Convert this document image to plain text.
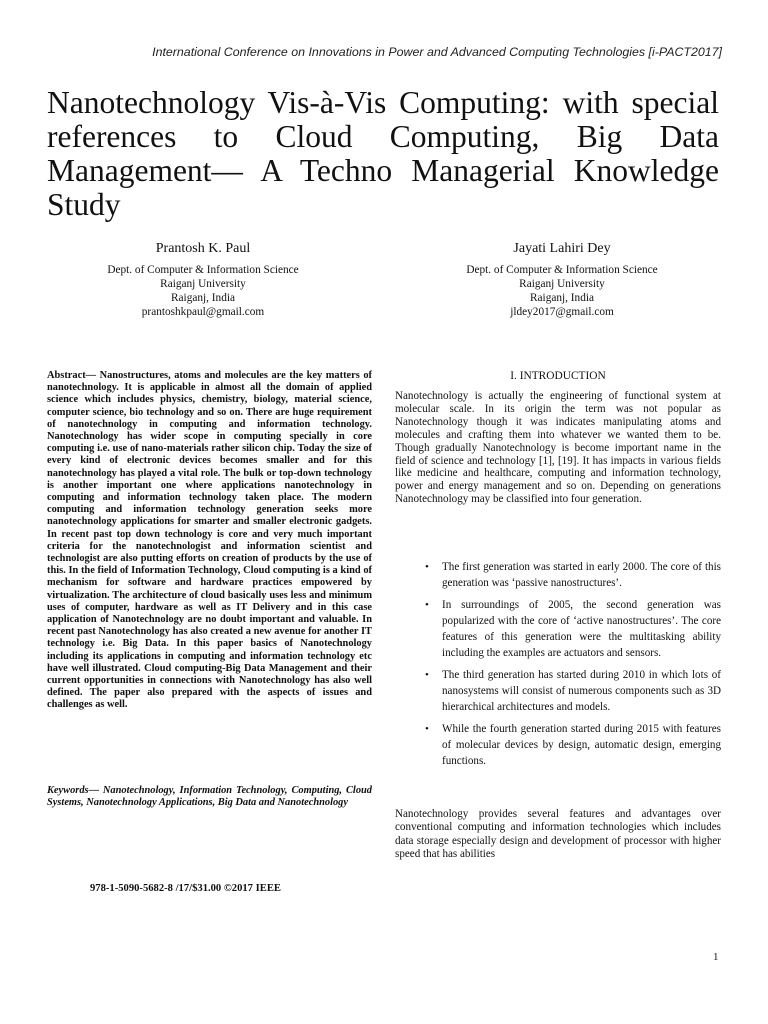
International Conference on Innovations in Power and Advanced Computing Technologies [i-PACT2017]
Nanotechnology Vis-à-Vis Computing: with special references to Cloud Computing, Big Data Management— A Techno Managerial Knowledge Study
Prantosh K. Paul
Dept. of Computer & Information Science
Raiganj University
Raiganj, India
prantoshkpaul@gmail.com
Jayati Lahiri Dey
Dept. of Computer & Information Science
Raiganj University
Raiganj, India
jldey2017@gmail.com

Abstract— Nanostructures, atoms and molecules are the key matters of nanotechnology. It is applicable in almost all the domain of applied science which includes physics, chemistry, biology, material science, computer science, bio technology and so on. There are huge requirement of nanotechnology in computing and information technology. Nanotechnology has wider scope in computing specially in core computing i.e. use of nano-materials rather silicon chip. Today the size of every kind of electronic devices becomes smaller and for this nanotechnology has played a vital role. The bulk or top-down technology is another important one where applications nanotechnology in computing and information technology taken place. The modern computing and information technology generation seeks more nanotechnology applications for smarter and smaller electronic gadgets. In recent past top down technology is core and very much important criteria for the nanotechnologist and information scientist and technologist are also putting efforts on creation of products by the use of this. In the field of Information Technology, Cloud computing is a kind of mechanism for software and hardware practices empowered by virtualization. The architecture of cloud basically uses less and minimum uses of computer, hardware as well as IT Delivery and in this case application of Nanotechnology are no doubt important and valuable. In recent past Nanotechnology has also created a new avenue for another IT technology i.e. Big Data. In this paper basics of Nanotechnology including its applications in computing and information technology etc have well illustrated. Cloud computing-Big Data Management and their current opportunities in connections with Nanotechnology has also well defined. The paper also prepared with the aspects of issues and challenges as well.

Keywords— Nanotechnology, Information Technology, Computing, Cloud Systems, Nanotechnology Applications, Big Data and Nanotechnology

978-1-5090-5682-8 /17/$31.00 ©2017 IEEE
I. INTRODUCTION

Nanotechnology is actually the engineering of functional system at molecular scale. In its origin the term was not popular as Nanotechnology though it was indicates manipulating atoms and molecules and crafting them into whatever we wanted them to be. Though gradually Nanotechnology is become important name in the field of science and technology [1], [19]. It has impacts in various fields like medicine and healthcare, computing and information technology, power and energy management and so on. Depending on generations Nanotechnology may be classified into four generation.

• The first generation was started in early 2000. The core of this generation was ‘passive nanostructures’.
• In surroundings of 2005, the second generation was popularized with the core of ‘active nanostructures’. The core features of this generation were the multitasking ability including the examples are actuators and sensors.
• The third generation has started during 2010 in which lots of nanosystems will consist of numerous components such as 3D hierarchical architectures and models.
• While the fourth generation started during 2015 with features of molecular devices by design, automatic design, emerging functions.

Nanotechnology provides several features and advantages over conventional computing and information technologies which includes data storage especially design and development of processor with higher speed that has abilities

1
